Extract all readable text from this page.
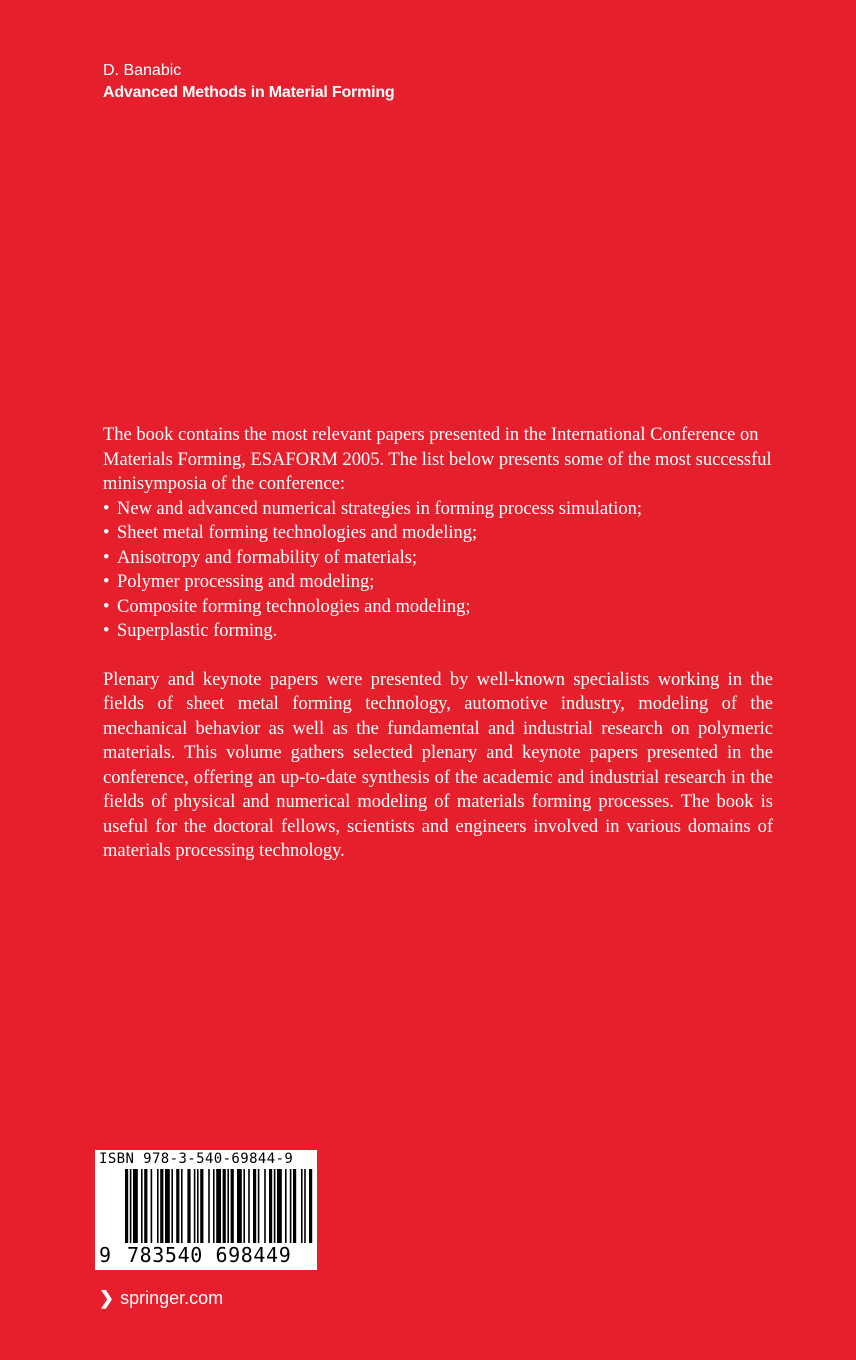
D. Banabic
Advanced Methods in Material Forming

The book contains the most relevant papers presented in the International Conference on Materials Forming, ESAFORM 2005. The list below presents some of the most successful minisymposia of the conference:

• New and advanced numerical strategies in forming process simulation;
• Sheet metal forming technologies and modeling;
• Anisotropy and formability of materials;
• Polymer processing and modeling;
• Composite forming technologies and modeling;
• Superplastic forming.

Plenary and keynote papers were presented by well-known specialists working in the fields of sheet metal forming technology, automotive industry, modeling of the mechanical behavior as well as the fundamental and industrial research on polymeric materials. This volume gathers selected plenary and keynote papers presented in the conference, offering an up-to-date synthesis of the academic and industrial research in the fields of physical and numerical modeling of materials forming processes. The book is useful for the doctoral fellows, scientists and engineers involved in various domains of materials processing technology.

ISBN 978-3-540-69844-9
9 783540 698449
❯ springer.com
